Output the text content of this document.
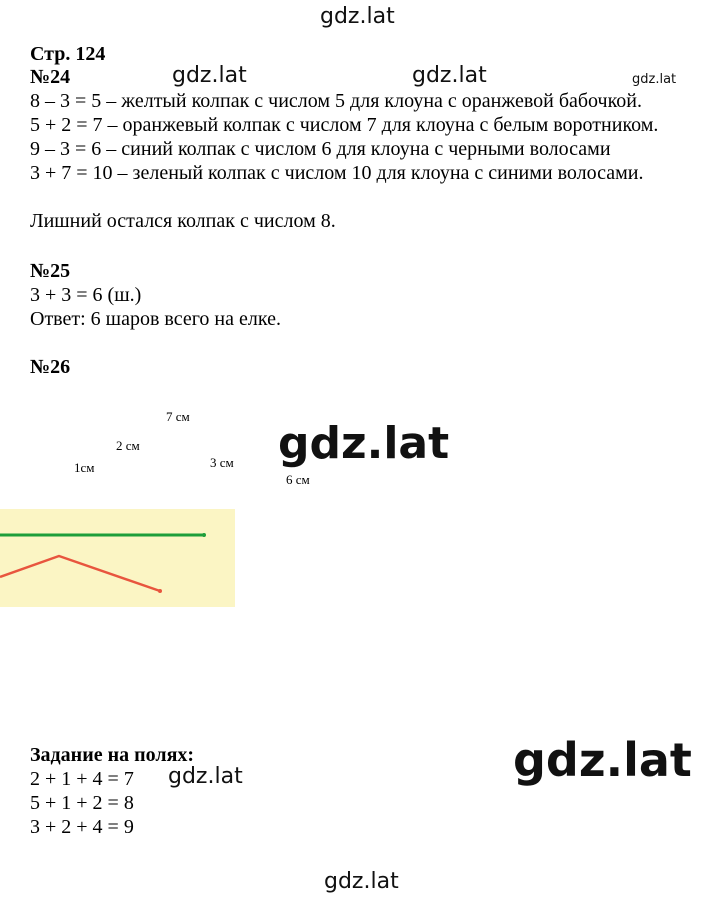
gdz.lat
gdz.lat	gdz.lat	gdz.lat
gdz.lat
gdz.lat
gdz.lat
gdz.lat
Стр. 124
№24
8 – 3 = 5 – желтый колпак с числом 5 для клоуна с оранжевой бабочкой.
5 + 2 = 7 – оранжевый колпак с числом 7 для клоуна с белым воротником.
9 – 3 = 6 – синий колпак с числом 6 для клоуна с черными волосами
3 + 7 = 10 – зеленый колпак с числом 10 для клоуна с синими волосами.
Лишний остался колпак с числом 8.
№25
3 + 3 = 6 (ш.)
Ответ: 6 шаров всего на елке.
№26
7 см
2 см
3 см
1см
6 см
Задание на полях:
2 + 1 + 4 = 7
5 + 1 + 2 = 8
3 + 2 + 4 = 9
